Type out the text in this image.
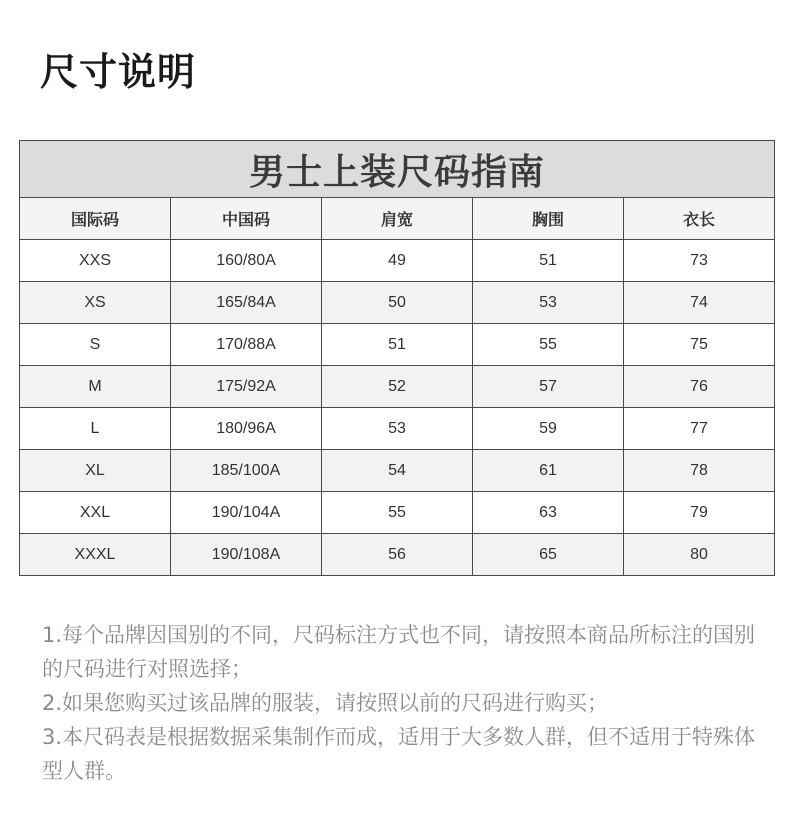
尺寸说明
男士上装尺码指南				
国际码	中国码	肩宽	胸围	衣长
XXS	160/80A	49	51	73
XS	165/84A	50	53	74
S	170/88A	51	55	75
M	175/92A	52	57	76
L	180/96A	53	59	77
XL	185/100A	54	61	78
XXL	190/104A	55	63	79
XXXL	190/108A	56	65	80

1.每个品牌因国别的不同，尺码标注方式也不同，请按照本商品所标注的国别的尺码进行对照选择；

2.如果您购买过该品牌的服装，请按照以前的尺码进行购买；

3.本尺码表是根据数据采集制作而成，适用于大多数人群，但不适用于特殊体型人群。
